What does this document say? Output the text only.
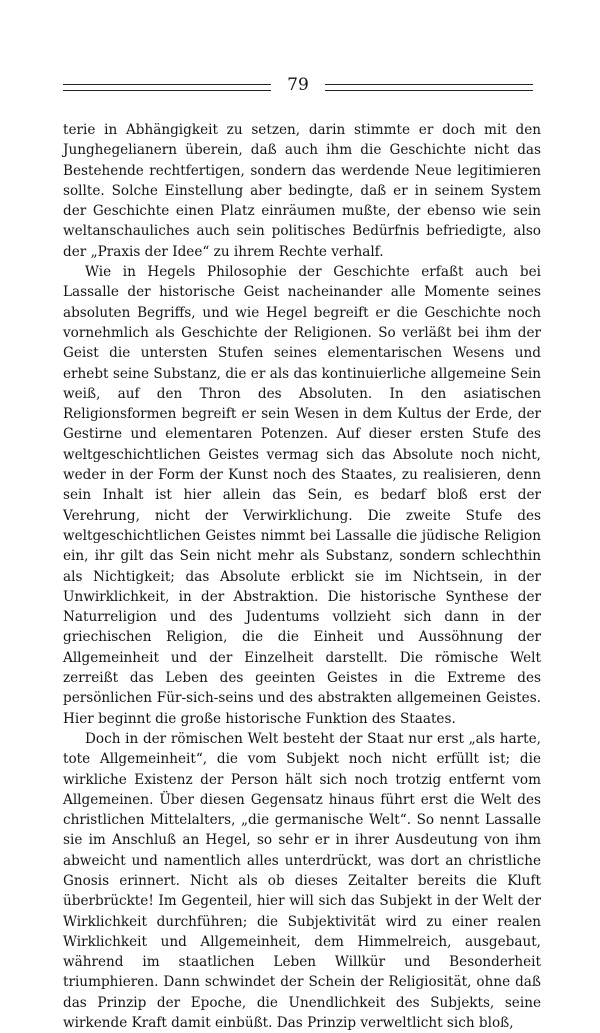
79

terie in Abhängigkeit zu setzen, darin stimmte er doch mit den Junghegelianern überein, daß auch ihm die Geschichte nicht das Bestehende rechtfertigen, sondern das werdende Neue legitimieren sollte. Solche Einstellung aber bedingte, daß er in seinem System der Geschichte einen Platz einräumen mußte, der ebenso wie sein weltanschauliches auch sein politisches Bedürfnis befriedigte, also der „Praxis der Idee“ zu ihrem Rechte verhalf.

Wie in Hegels Philosophie der Geschichte erfaßt auch bei Lassalle der historische Geist nacheinander alle Momente seines absoluten Begriffs, und wie Hegel begreift er die Geschichte noch vornehmlich als Geschichte der Religionen. So verläßt bei ihm der Geist die untersten Stufen seines elementarischen Wesens und erhebt seine Substanz, die er als das kontinuierliche allgemeine Sein weiß, auf den Thron des Absoluten. In den asiatischen Religionsformen begreift er sein Wesen in dem Kultus der Erde, der Gestirne und elementaren Potenzen. Auf dieser ersten Stufe des weltgeschichtlichen Geistes vermag sich das Absolute noch nicht, weder in der Form der Kunst noch des Staates, zu realisieren, denn sein Inhalt ist hier allein das Sein, es bedarf bloß erst der Verehrung, nicht der Verwirklichung. Die zweite Stufe des weltgeschichtlichen Geistes nimmt bei Lassalle die jüdische Religion ein, ihr gilt das Sein nicht mehr als Substanz, sondern schlechthin als Nichtigkeit; das Absolute erblickt sie im Nichtsein, in der Unwirklichkeit, in der Abstraktion. Die historische Synthese der Naturreligion und des Judentums vollzieht sich dann in der griechischen Religion, die die Einheit und Aussöhnung der Allgemeinheit und der Einzelheit darstellt. Die römische Welt zerreißt das Leben des geeinten Geistes in die Extreme des persönlichen Für-sich-seins und des abstrakten allgemeinen Geistes. Hier beginnt die große historische Funktion des Staates.

Doch in der römischen Welt besteht der Staat nur erst „als harte, tote Allgemeinheit“, die vom Subjekt noch nicht erfüllt ist; die wirkliche Existenz der Person hält sich noch trotzig entfernt vom Allgemeinen. Über diesen Gegensatz hinaus führt erst die Welt des christlichen Mittelalters, „die germanische Welt“. So nennt Lassalle sie im Anschluß an Hegel, so sehr er in ihrer Ausdeutung von ihm abweicht und namentlich alles unterdrückt, was dort an christliche Gnosis erinnert. Nicht als ob dieses Zeitalter bereits die Kluft überbrückte! Im Gegenteil, hier will sich das Subjekt in der Welt der Wirklichkeit durchführen; die Subjektivität wird zu einer realen Wirklichkeit und Allgemeinheit, dem Himmelreich, ausgebaut, während im staatlichen Leben Willkür und Besonderheit triumphieren. Dann schwindet der Schein der Religiosität, ohne daß das Prinzip der Epoche, die Unendlichkeit des Subjekts, seine wirkende Kraft damit einbüßt. Das Prinzip verweltlicht sich bloß,
